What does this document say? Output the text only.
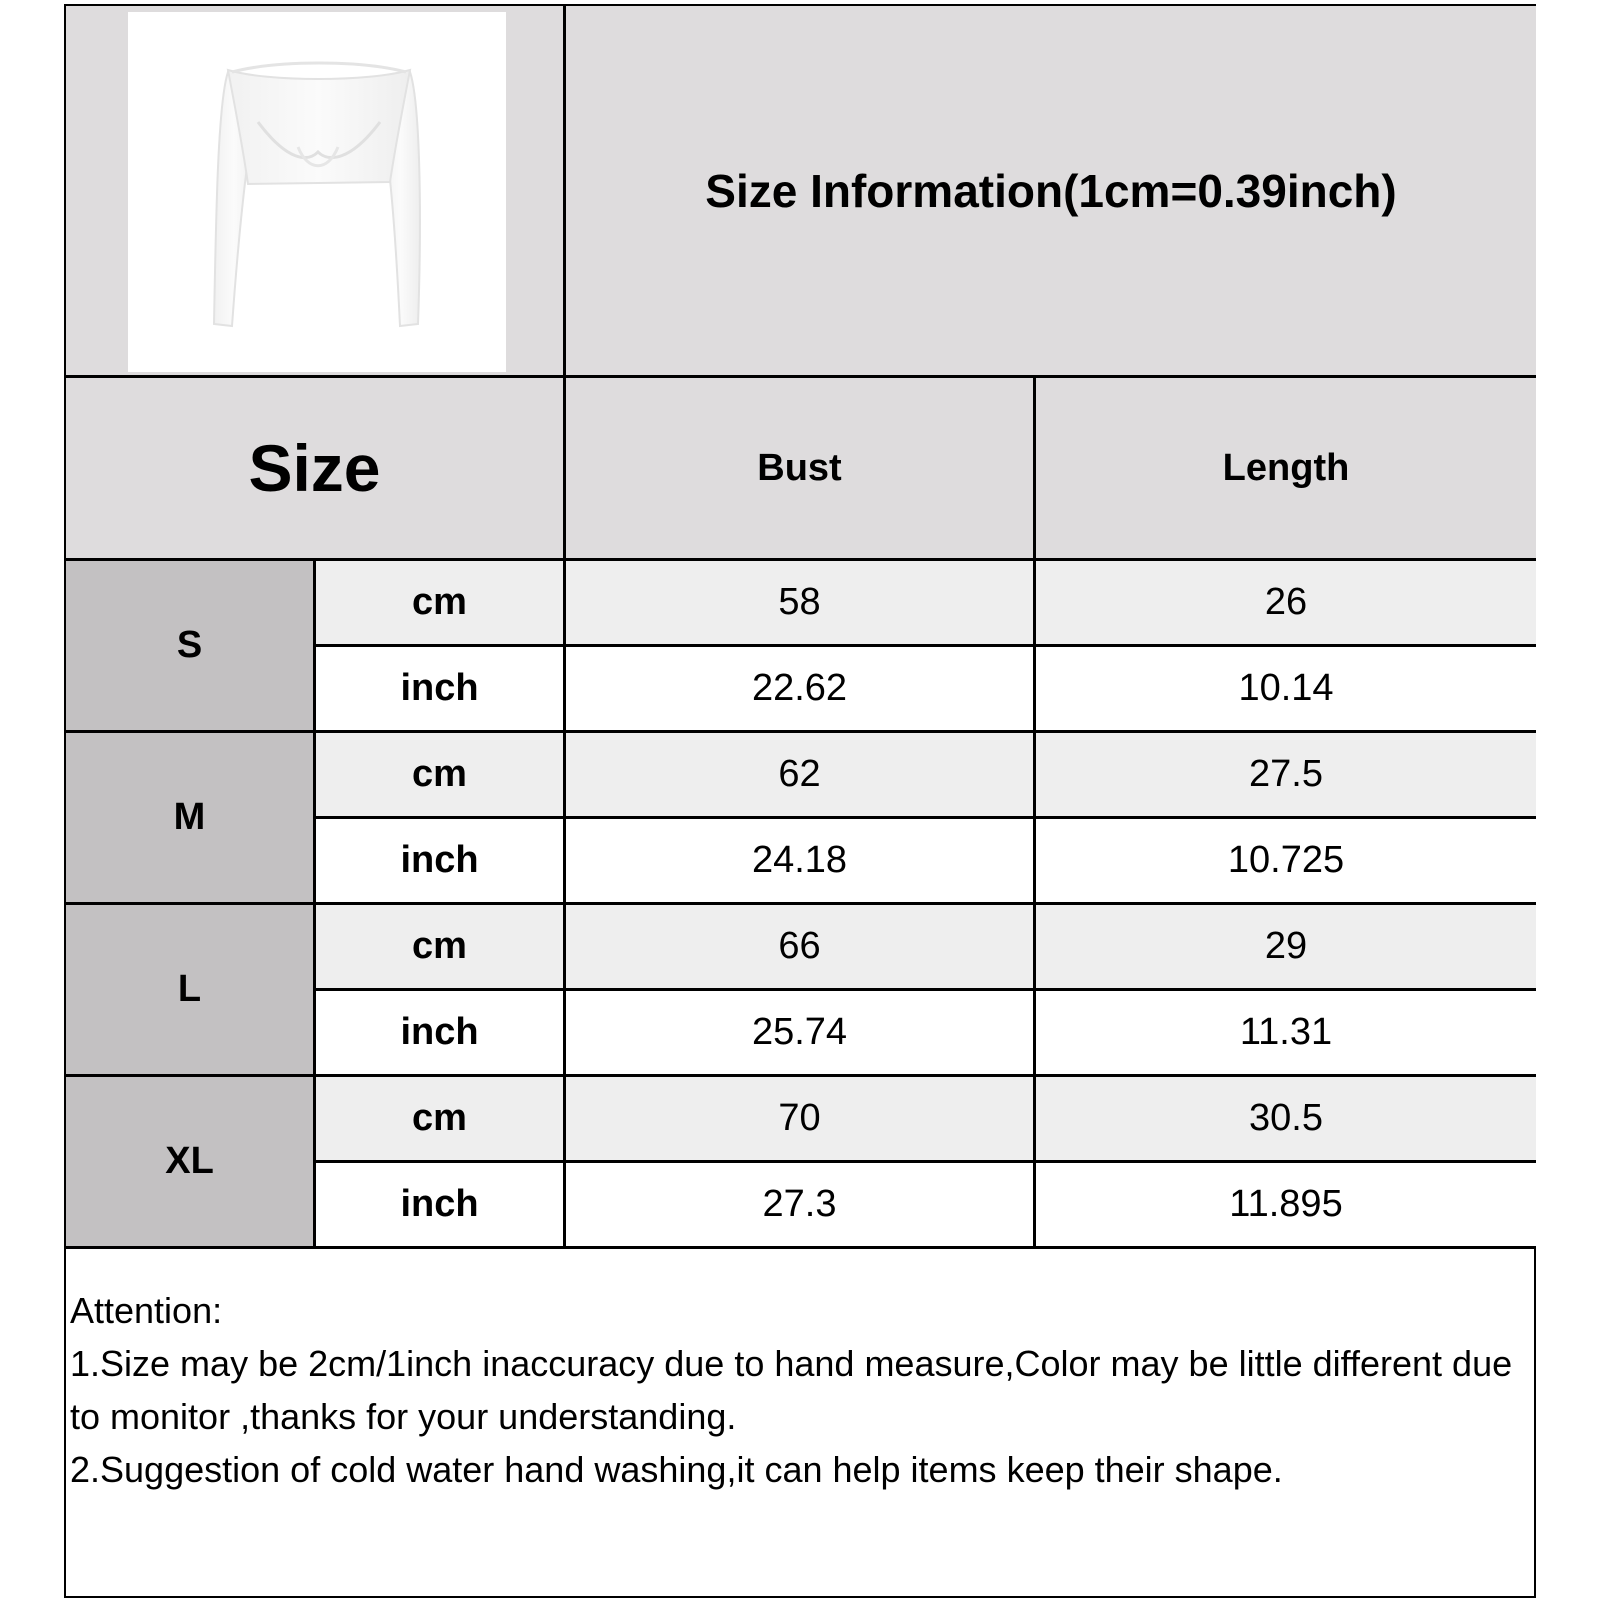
Size Information(1cm=0.39inch)
Size	Bust	Length
S
cm	58	26
inch	22.62	10.14
M
cm	62	27.5
inch	24.18	10.725
L
cm	66	29
inch	25.74	11.31
XL
cm	70	30.5
inch	27.3	11.895
Attention:
1.Size may be 2cm/1inch inaccuracy due to hand measure,Color may be little different due to monitor ,thanks for your understanding.
2.Suggestion of cold water hand washing,it can help items keep their shape.
